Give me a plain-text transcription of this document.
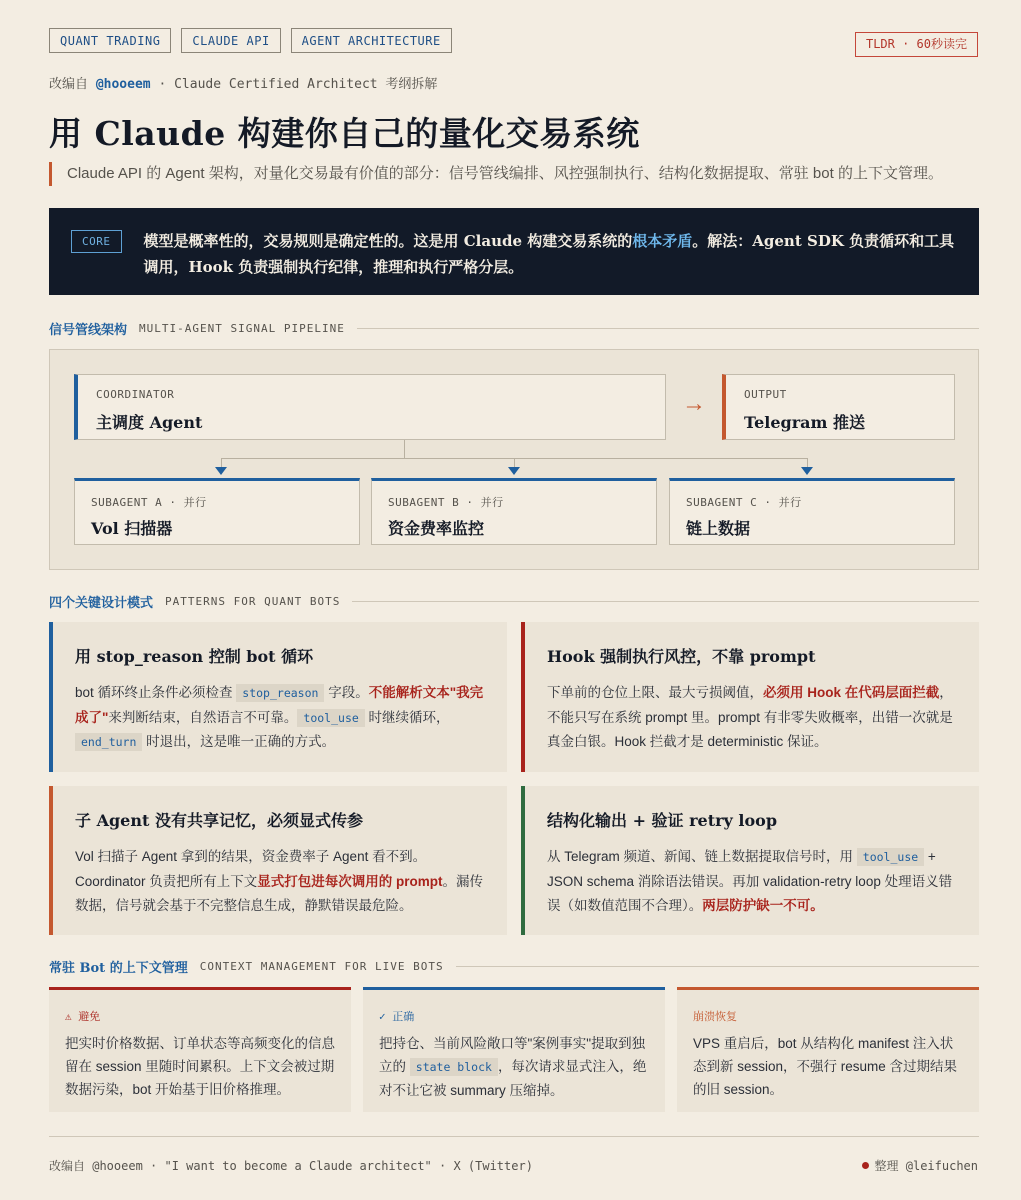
QUANT TRADING	CLAUDE API	AGENT ARCHITECTURE	TLDR · 60秒读完
改编自 @hooeem · Claude Certified Architect 考纲拆解
用 Claude 构建你自己的量化交易系统
Claude API 的 Agent 架构，对量化交易最有价值的部分：信号管线编排、风控强制执行、结构化数据提取、常驻 bot 的上下文管理。
CORE	模型是概率性的，交易规则是确定性的。这是用 Claude 构建交易系统的根本矛盾。解法：Agent SDK 负责循环和工具调用，Hook 负责强制执行纪律，推理和执行严格分层。
信号管线架构 MULTI-AGENT SIGNAL PIPELINE
COORDINATOR
主调度 Agent
→	OUTPUT
Telegram 推送
SUBAGENT A · 并行
Vol 扫描器
SUBAGENT B · 并行
资金费率监控
SUBAGENT C · 并行
链上数据
四个关键设计模式 PATTERNS FOR QUANT BOTS
用 stop_reason 控制 bot 循环

bot 循环终止条件必须检查 stop_reason 字段。不能解析文本"我完成了"来判断结束，自然语言不可靠。 tool_use 时继续循环，end_turn 时退出，这是唯一正确的方式。

Hook 强制执行风控，不靠 prompt

下单前的仓位上限、最大亏损阈值，必须用 Hook 在代码层面拦截，不能只写在系统 prompt 里。prompt 有非零失败概率，出错一次就是真金白银。Hook 拦截才是 deterministic 保证。

子 Agent 没有共享记忆，必须显式传参

Vol 扫描子 Agent 拿到的结果，资金费率子 Agent 看不到。Coordinator 负责把所有上下文显式打包进每次调用的 prompt。漏传数据，信号就会基于不完整信息生成，静默错误最危险。

结构化输出 + 验证 retry loop

从 Telegram 频道、新闻、链上数据提取信号时，用 tool_use + JSON schema 消除语法错误。再加 validation-retry loop 处理语义错误（如数值范围不合理）。两层防护缺一不可。

常驻 Bot 的上下文管理 CONTEXT MANAGEMENT FOR LIVE BOTS
⚠ 避免

把实时价格数据、订单状态等高频变化的信息留在 session 里随时间累积。上下文会被过期数据污染，bot 开始基于旧价格推理。

✓ 正确

把持仓、当前风险敞口等"案例事实"提取到独立的 state block ，每次请求显式注入，绝对不让它被 summary 压缩掉。

崩溃恢复

VPS 重启后，bot 从结构化 manifest 注入状态到新 session，不强行 resume 含过期结果的旧 session。

改编自 @hooeem · "I want to become a Claude architect" · X (Twitter)	整理 @leifuchen
